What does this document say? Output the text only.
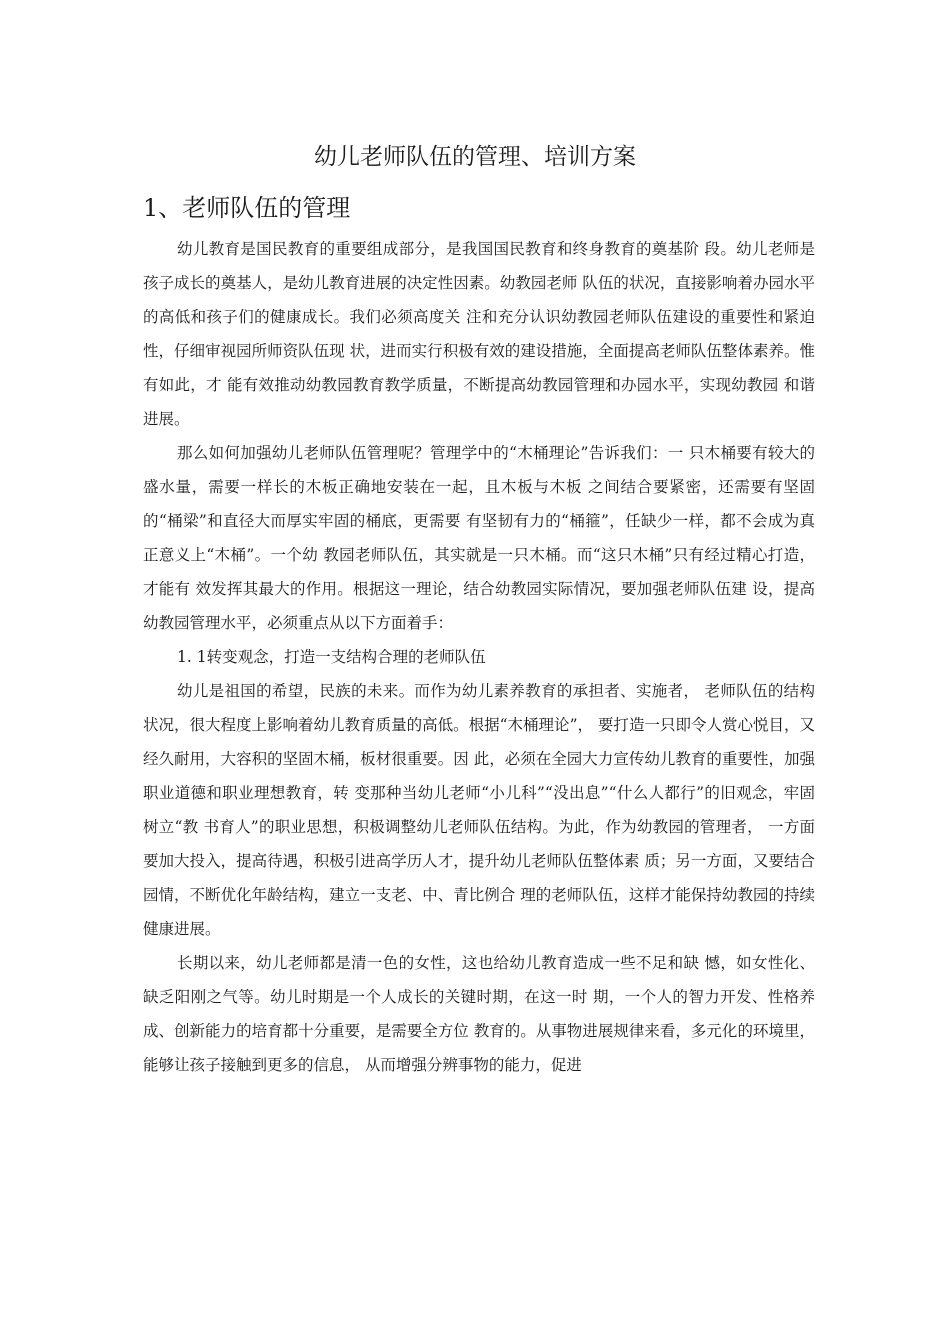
幼儿老师队伍的管理、培训方案
1、老师队伍的管理

幼儿教育是国民教育的重要组成部分，是我国国民教育和终身教育的奠基阶 段。幼儿老师是孩子成长的奠基人，是幼儿教育进展的决定性因素。幼教园老师 队伍的状况，直接影响着办园水平的高低和孩子们的健康成长。我们必须高度关 注和充分认识幼教园老师队伍建设的重要性和紧迫性，仔细审视园所师资队伍现 状，进而实行积极有效的建设措施，全面提高老师队伍整体素养。惟有如此，才 能有效推动幼教园教育教学质量，不断提高幼教园管理和办园水平，实现幼教园 和谐进展。

那么如何加强幼儿老师队伍管理呢？管理学中的“木桶理论”告诉我们：一 只木桶要有较大的盛水量，需要一样长的木板正确地安装在一起，且木板与木板 之间结合要紧密，还需要有坚固的“桶梁”和直径大而厚实牢固的桶底，更需要 有坚韧有力的“桶箍”，任缺少一样，都不会成为真正意义上“木桶”。一个幼 教园老师队伍，其实就是一只木桶。而“这只木桶”只有经过精心打造，才能有 效发挥其最大的作用。根据这一理论，结合幼教园实际情况，要加强老师队伍建 设，提高幼教园管理水平，必须重点从以下方面着手：

1. 1转变观念，打造一支结构合理的老师队伍

幼儿是祖国的希望，民族的未来。而作为幼儿素养教育的承担者、实施者， 老师队伍的结构状况，很大程度上影响着幼儿教育质量的高低。根据“木桶理论”， 要打造一只即令人赏心悦目，又经久耐用，大容积的坚固木桶，板材很重要。因 此，必须在全园大力宣传幼儿教育的重要性，加强职业道德和职业理想教育，转 变那种当幼儿老师“小儿科”“没出息”“什么人都行”的旧观念，牢固树立“教 书育人”的职业思想，积极调整幼儿老师队伍结构。为此，作为幼教园的管理者， 一方面要加大投入，提高待遇，积极引进高学历人才，提升幼儿老师队伍整体素 质；另一方面，又要结合园情，不断优化年龄结构，建立一支老、中、青比例合 理的老师队伍，这样才能保持幼教园的持续健康进展。

长期以来，幼儿老师都是清一色的女性，这也给幼儿教育造成一些不足和缺 憾，如女性化、缺乏阳刚之气等。幼儿时期是一个人成长的关键时期，在这一时 期，一个人的智力开发、性格养成、创新能力的培育都十分重要，是需要全方位 教育的。从事物进展规律来看，多元化的环境里，能够让孩子接触到更多的信息， 从而增强分辨事物的能力，促进
